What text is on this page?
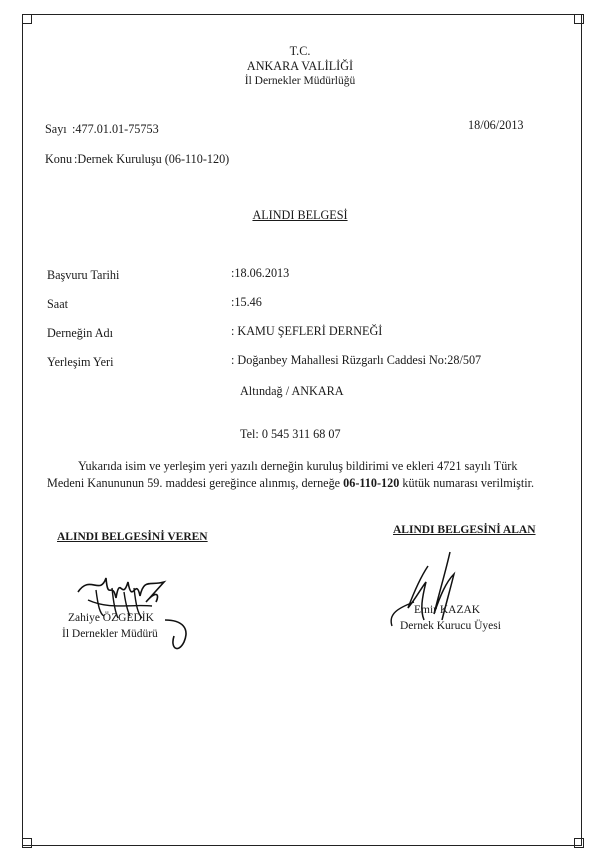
T.C.
ANKARA VALİLİĞİ
İl Dernekler Müdürlüğü
Sayı :477.01.01-75753	18/06/2013
Konu :Dernek Kuruluşu (06-110-120)
ALINDI BELGESİ
Başvuru Tarihi	:18.06.2013
Saat	:15.46
Derneğin Adı	: KAMU ŞEFLERİ DERNEĞİ
Yerleşim Yeri	: Doğanbey Mahallesi Rüzgarlı Caddesi No:28/507
Altındağ / ANKARA
Tel: 0 545 311 68 07
Yukarıda isim ve yerleşim yeri yazılı derneğin kuruluş bildirimi ve ekleri 4721 sayılı Türk
Medeni Kanununun 59. maddesi gereğince alınmış, derneğe 06-110-120 kütük numarası verilmiştir.
ALINDI BELGESİNİ VEREN
ALINDI BELGESİNİ ALAN
Zahiye ÖZGEDİK
İl Dernekler Müdürü
Emir KAZAK
Dernek Kurucu Üyesi
